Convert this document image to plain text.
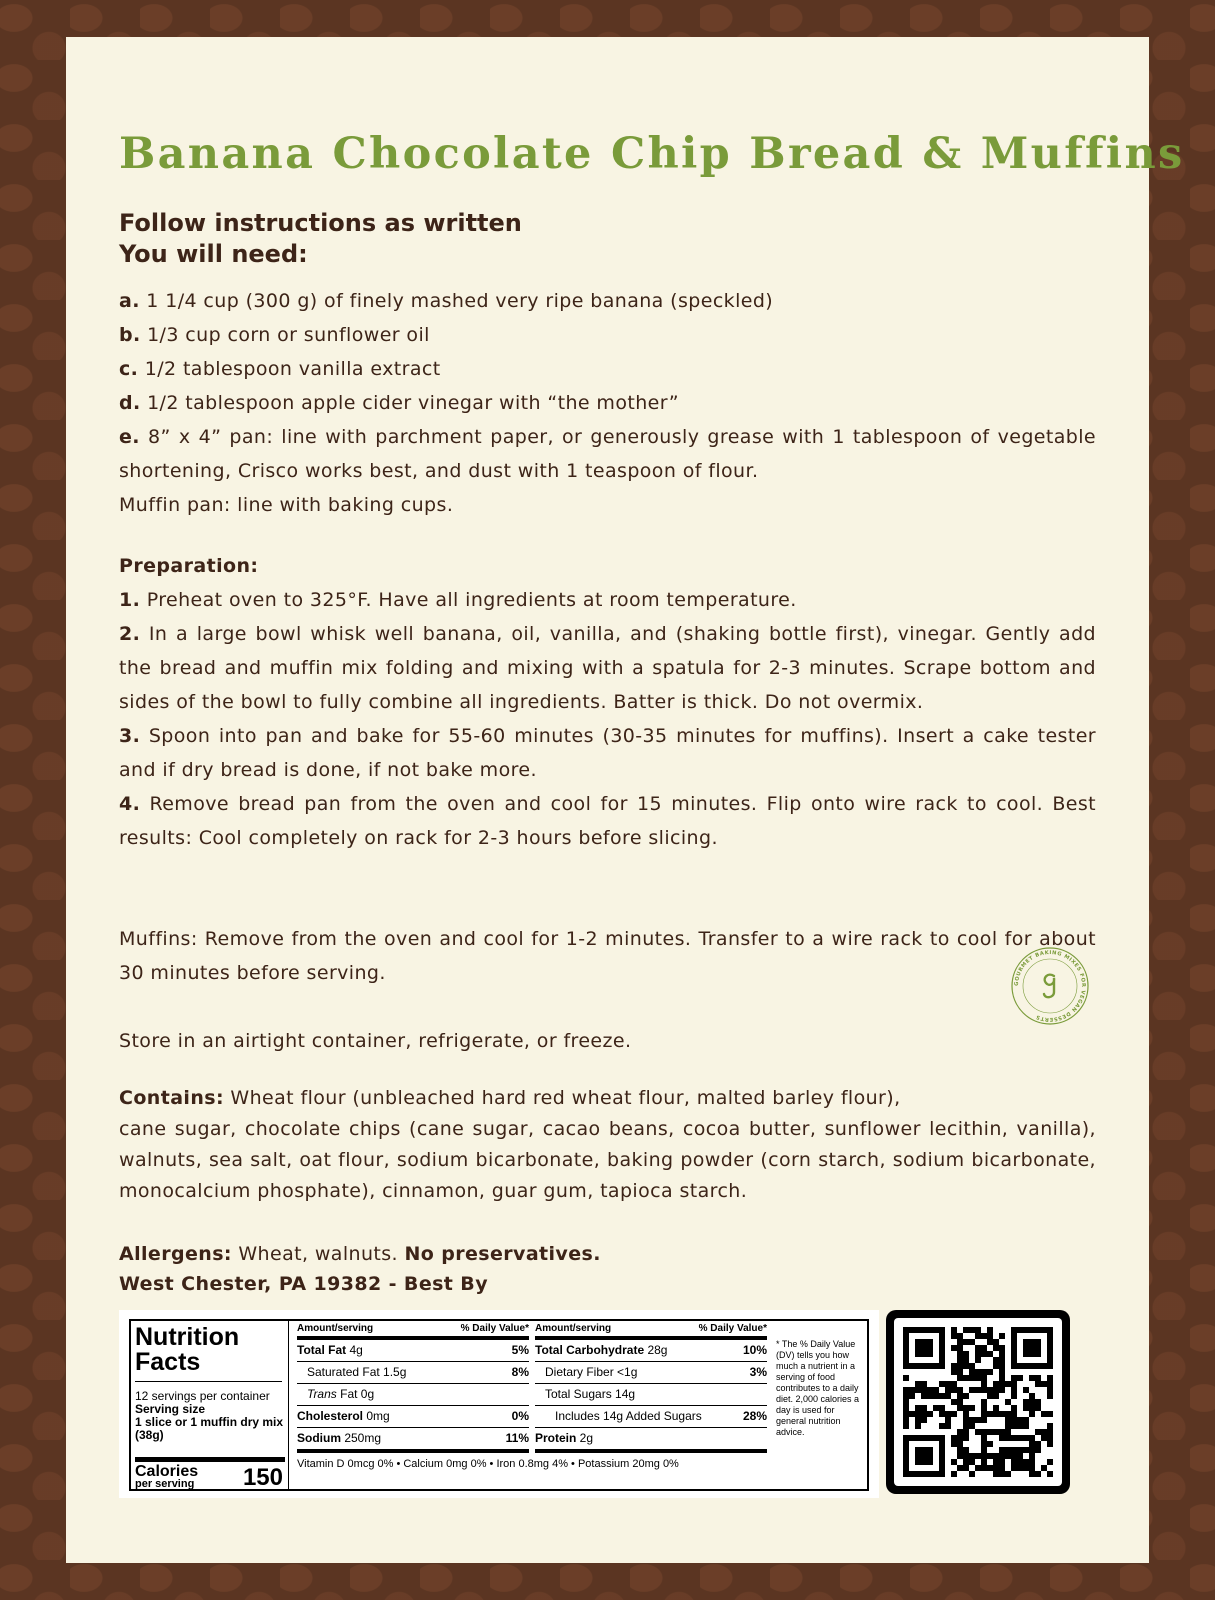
Banana Chocolate Chip Bread & Muffins
Follow instructions as written
You will need:

a. 1 1/4 cup (300 g) of finely mashed very ripe banana (speckled)

b. 1/3 cup corn or sunflower oil

c. 1/2 tablespoon vanilla extract

d. 1/2 tablespoon apple cider vinegar with “the mother”

e. 8” x 4” pan: line with parchment paper, or generously grease with 1 tablespoon of vegetable shortening, Crisco works best, and dust with 1 teaspoon of flour.

Muffin pan: line with baking cups.

Preparation:

1. Preheat oven to 325°F. Have all ingredients at room temperature.

2. In a large bowl whisk well banana, oil, vanilla, and (shaking bottle first), vinegar. Gently add the bread and muffin mix folding and mixing with a spatula for 2-3 minutes. Scrape bottom and sides of the bowl to fully combine all ingredients. Batter is thick. Do not overmix.

3. Spoon into pan and bake for 55-60 minutes (30-35 minutes for muffins). Insert a cake tester and if dry bread is done, if not bake more.

4. Remove bread pan from the oven and cool for 15 minutes. Flip onto wire rack to cool. Best results: Cool completely on rack for 2-3 hours before slicing.

Muffins: Remove from the oven and cool for 1-2 minutes. Transfer to a wire rack to cool for about 30 minutes before serving.
Store in an airtight container, refrigerate, or freeze.
GOURMET BAKING MIXES FOR VEGAN DESSERTS

Contains: Wheat flour (unbleached hard red wheat flour, malted barley flour),

cane sugar, chocolate chips (cane sugar, cacao beans, cocoa butter, sunflower lecithin, vanilla), walnuts, sea salt, oat flour, sodium bicarbonate, baking powder (corn starch, sodium bicarbonate, monocalcium phosphate), cinnamon, guar gum, tapioca starch.

Allergens: Wheat, walnuts. No preservatives.

West Chester, PA 19382 - Best By

Nutrition
Facts
12 servings per container
Serving size
1 slice or 1 muffin dry mix (38g)
Calories
per serving	150
Amount/serving	% Daily Value*
Total Fat 4g	5%
Saturated Fat 1.5g	8%
Trans Fat 0g
Cholesterol 0mg	0%
Sodium 250mg	11%
Amount/serving	% Daily Value*
Total Carbohydrate 28g	10%
Dietary Fiber <1g	3%
Total Sugars 14g
Includes 14g Added Sugars	28%
Protein 2g
Vitamin D 0mcg 0% • Calcium 0mg 0% • Iron 0.8mg 4% • Potassium 20mg 0%
* The % Daily Value (DV) tells you how much a nutrient in a serving of food contributes to a daily diet. 2,000 calories a day is used for general nutrition advice.
